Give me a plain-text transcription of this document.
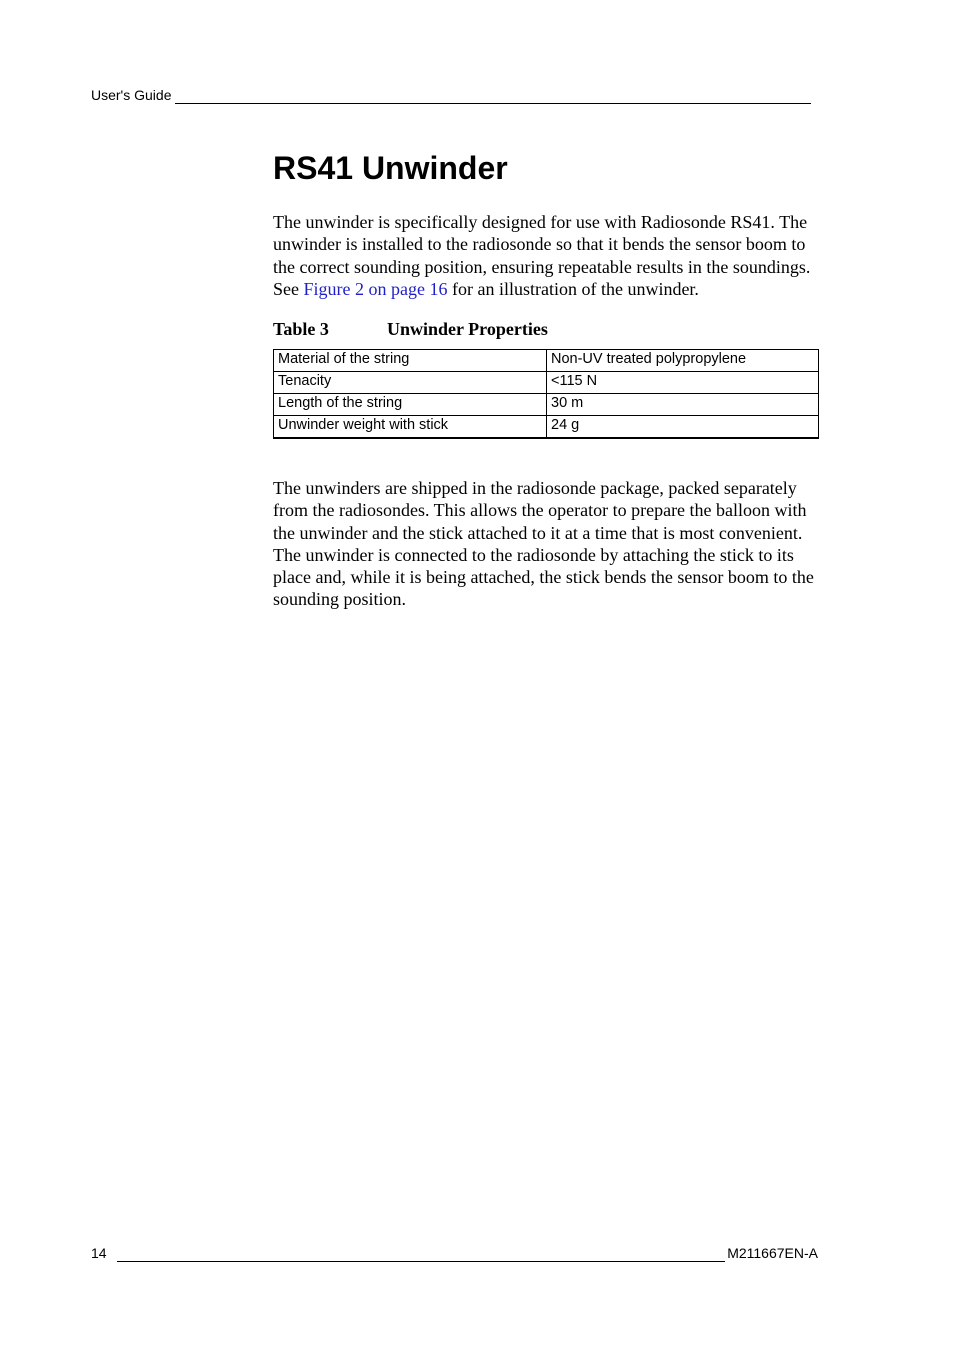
User's Guide
RS41 Unwinder

The unwinder is specifically designed for use with Radiosonde RS41. The unwinder is installed to the radiosonde so that it bends the sensor boom to the correct sounding position, ensuring repeatable results in the soundings. See Figure 2 on page 16 for an illustration of the unwinder.

Table 3	Unwinder Properties
Material of the string	Non-UV treated polypropylene
Tenacity	<115 N
Length of the string	30 m
Unwinder weight with stick	24 g

The unwinders are shipped in the radiosonde package, packed separately from the radiosondes. This allows the operator to prepare the balloon with the unwinder and the stick attached to it at a time that is most convenient. The unwinder is connected to the radiosonde by attaching the stick to its place and, while it is being attached, the stick bends the sensor boom to the sounding position.

14	M211667EN-A
